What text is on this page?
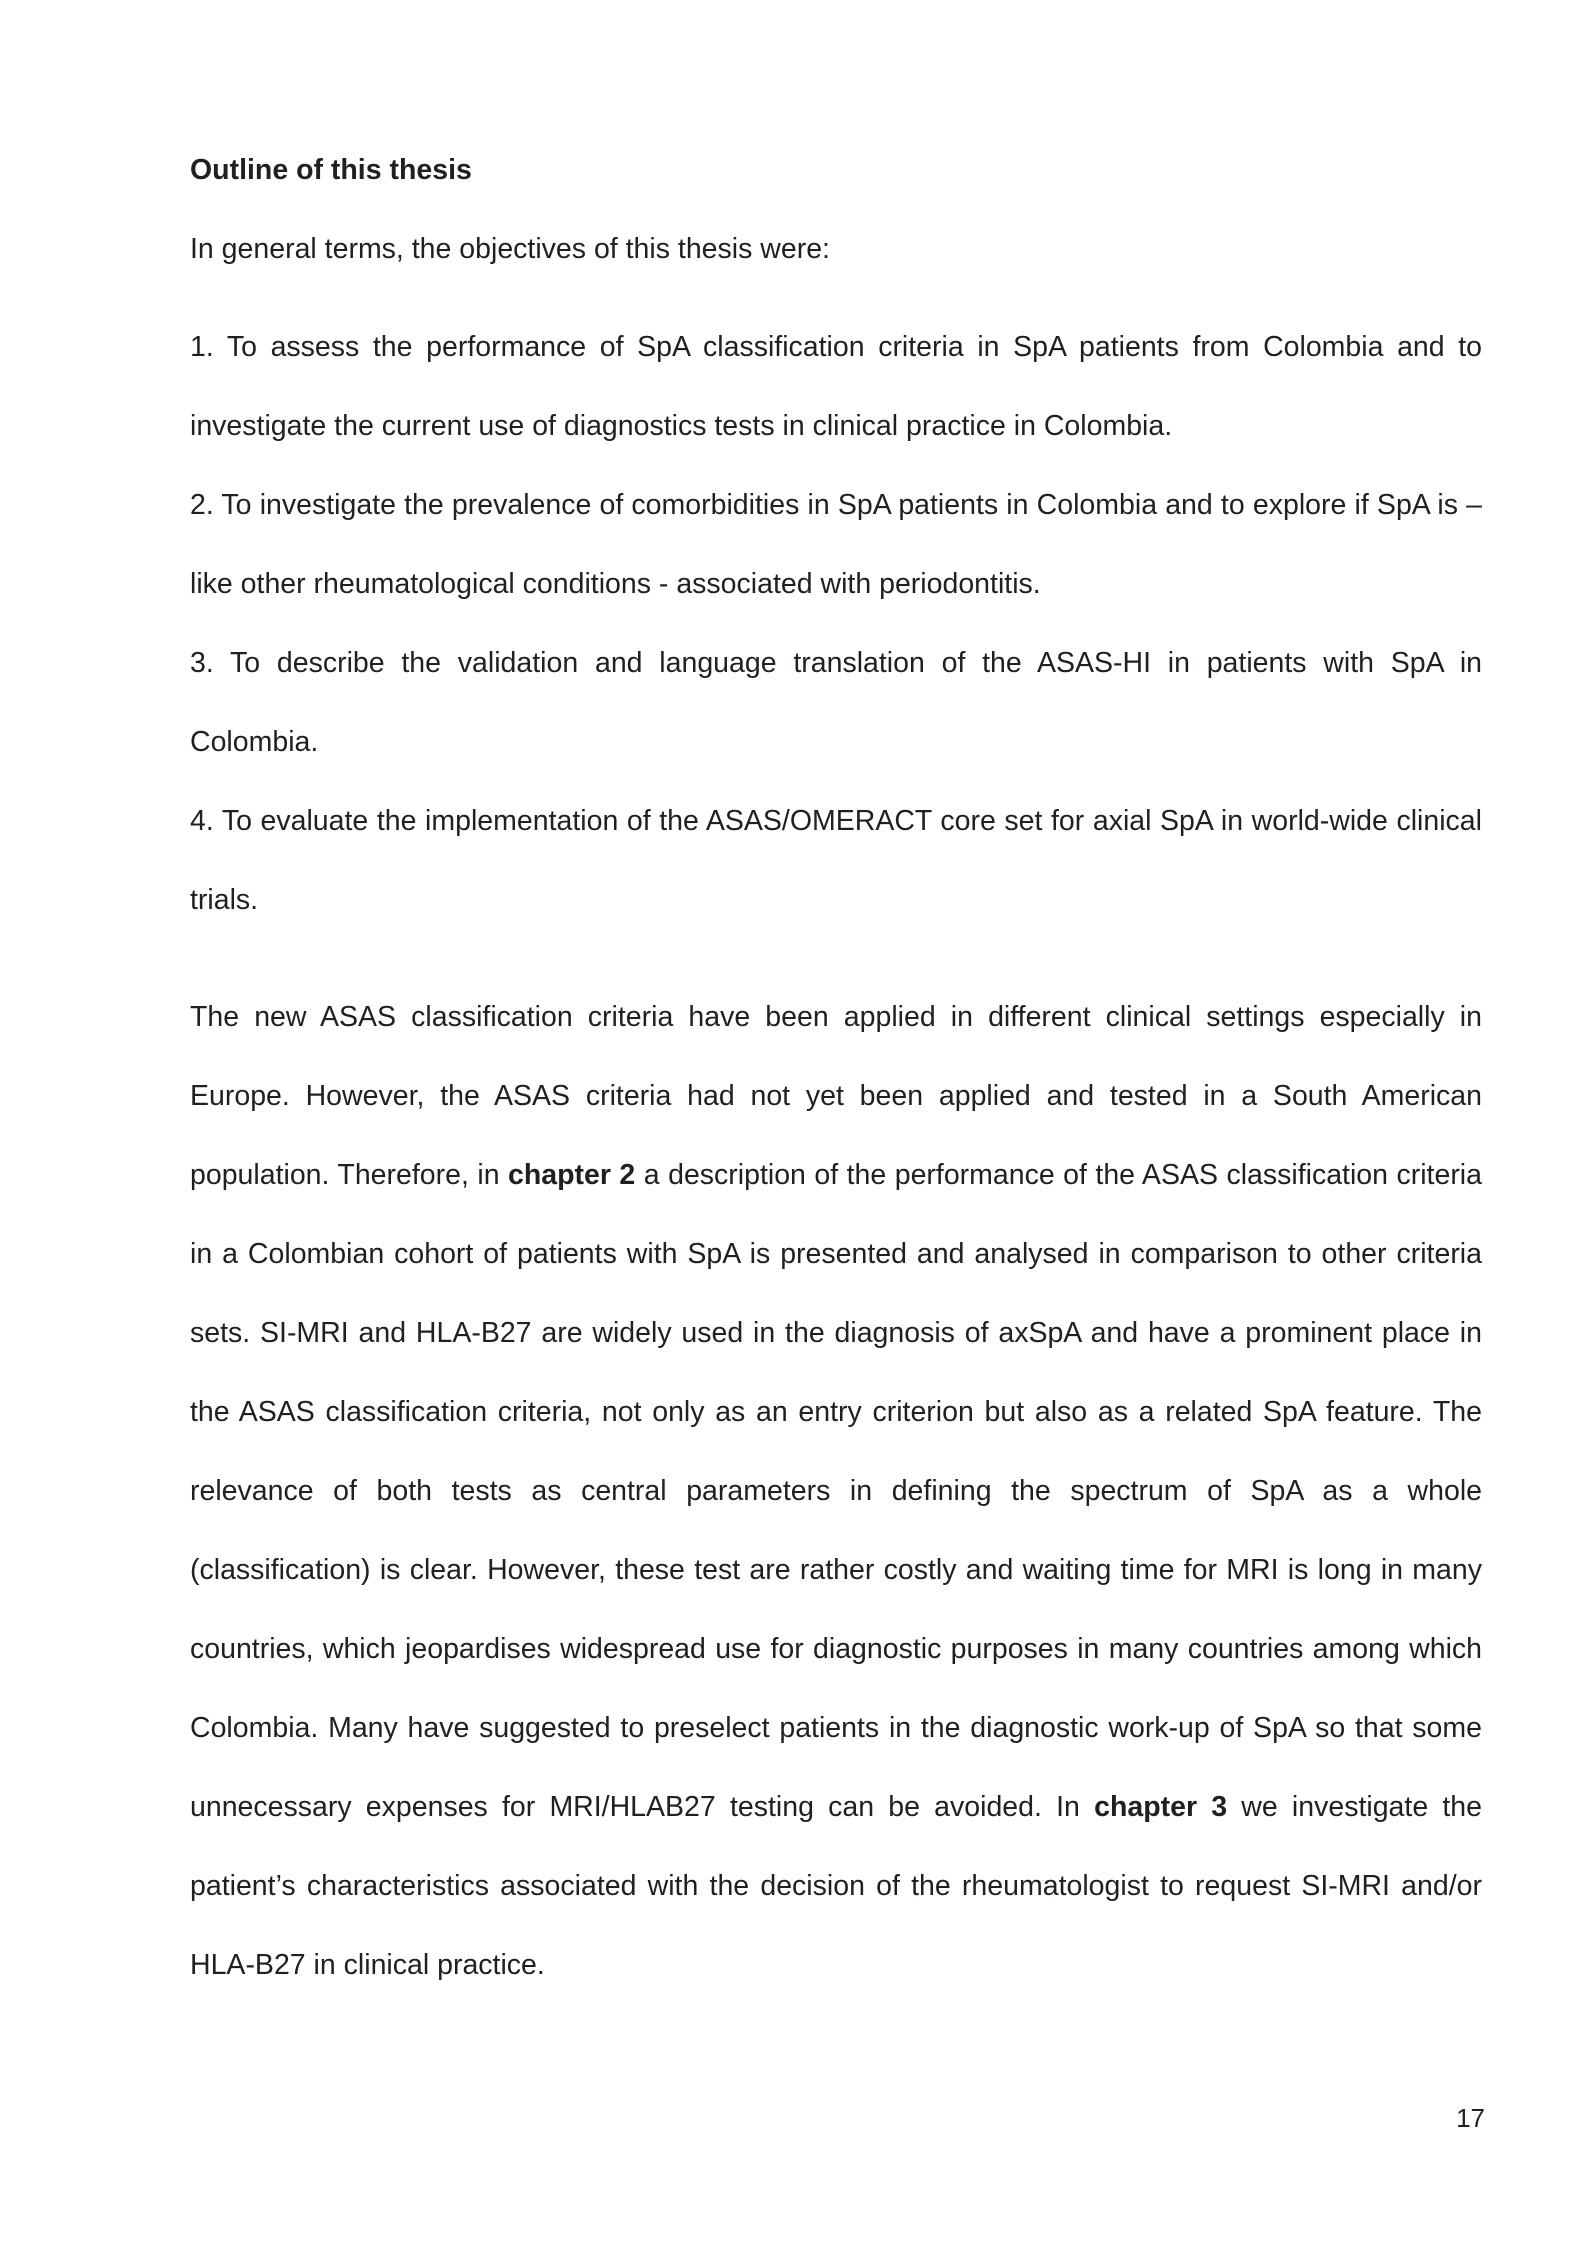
Outline of this thesis

In general terms, the objectives of this thesis were:

1. To assess the performance of SpA classification criteria in SpA patients from Colombia and to investigate the current use of diagnostics tests in clinical practice in Colombia.

2. To investigate the prevalence of comorbidities in SpA patients in Colombia and to explore if SpA is –like other rheumatological conditions - associated with periodontitis.

3. To describe the validation and language translation of the ASAS-HI in patients with SpA in Colombia.

4. To evaluate the implementation of the ASAS/OMERACT core set for axial SpA in world-wide clinical trials.

The new ASAS classification criteria have been applied in different clinical settings especially in Europe. However, the ASAS criteria had not yet been applied and tested in a South American population. Therefore, in chapter 2 a description of the performance of the ASAS classification criteria in a Colombian cohort of patients with SpA is presented and analysed in comparison to other criteria sets. SI-MRI and HLA-B27 are widely used in the diagnosis of axSpA and have a prominent place in the ASAS classification criteria, not only as an entry criterion but also as a related SpA feature. The relevance of both tests as central parameters in defining the spectrum of SpA as a whole (classification) is clear. However, these test are rather costly and waiting time for MRI is long in many countries, which jeopardises widespread use for diagnostic purposes in many countries among which Colombia. Many have suggested to preselect patients in the diagnostic work-up of SpA so that some unnecessary expenses for MRI/HLAB27 testing can be avoided. In chapter 3 we investigate the patient’s characteristics associated with the decision of the rheumatologist to request SI-MRI and/or HLA-B27 in clinical practice.

17
